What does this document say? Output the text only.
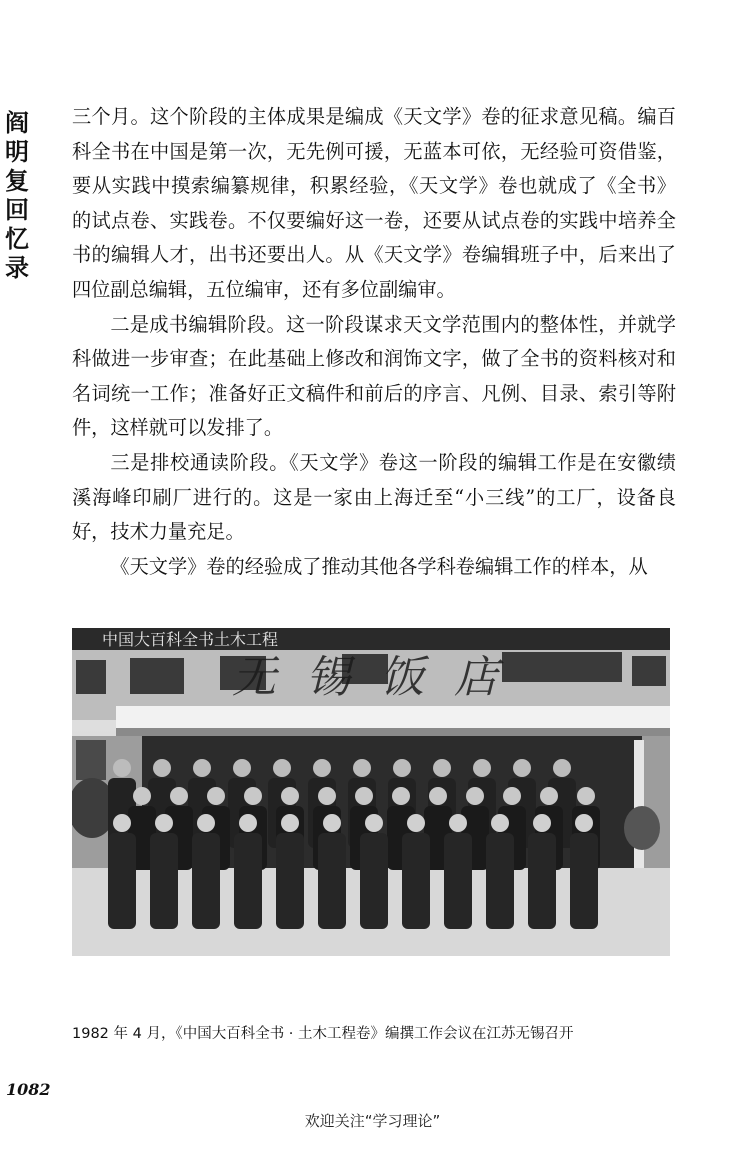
阎明复回忆录

三个月。这个阶段的主体成果是编成《天文学》卷的征求意见稿。编百科全书在中国是第一次，无先例可援，无蓝本可依，无经验可资借鉴，要从实践中摸索编纂规律，积累经验，《天文学》卷也就成了《全书》的试点卷、实践卷。不仅要编好这一卷，还要从试点卷的实践中培养全书的编辑人才，出书还要出人。从《天文学》卷编辑班子中，后来出了四位副总编辑，五位编审，还有多位副编审。

二是成书编辑阶段。这一阶段谋求天文学范围内的整体性，并就学科做进一步审查；在此基础上修改和润饰文字，做了全书的资料核对和名词统一工作；准备好正文稿件和前后的序言、凡例、目录、索引等附件，这样就可以发排了。

三是排校通读阶段。《天文学》卷这一阶段的编辑工作是在安徽绩溪海峰印刷厂进行的。这是一家由上海迁至“小三线”的工厂，设备良好，技术力量充足。

《天文学》卷的经验成了推动其他各学科卷编辑工作的样本，从

中国大百科全书土木工程
无锡饭店
1982 年 4 月，《中国大百科全书 · 土木工程卷》编撰工作会议在江苏无锡召开
1082
欢迎关注“学习理论”
